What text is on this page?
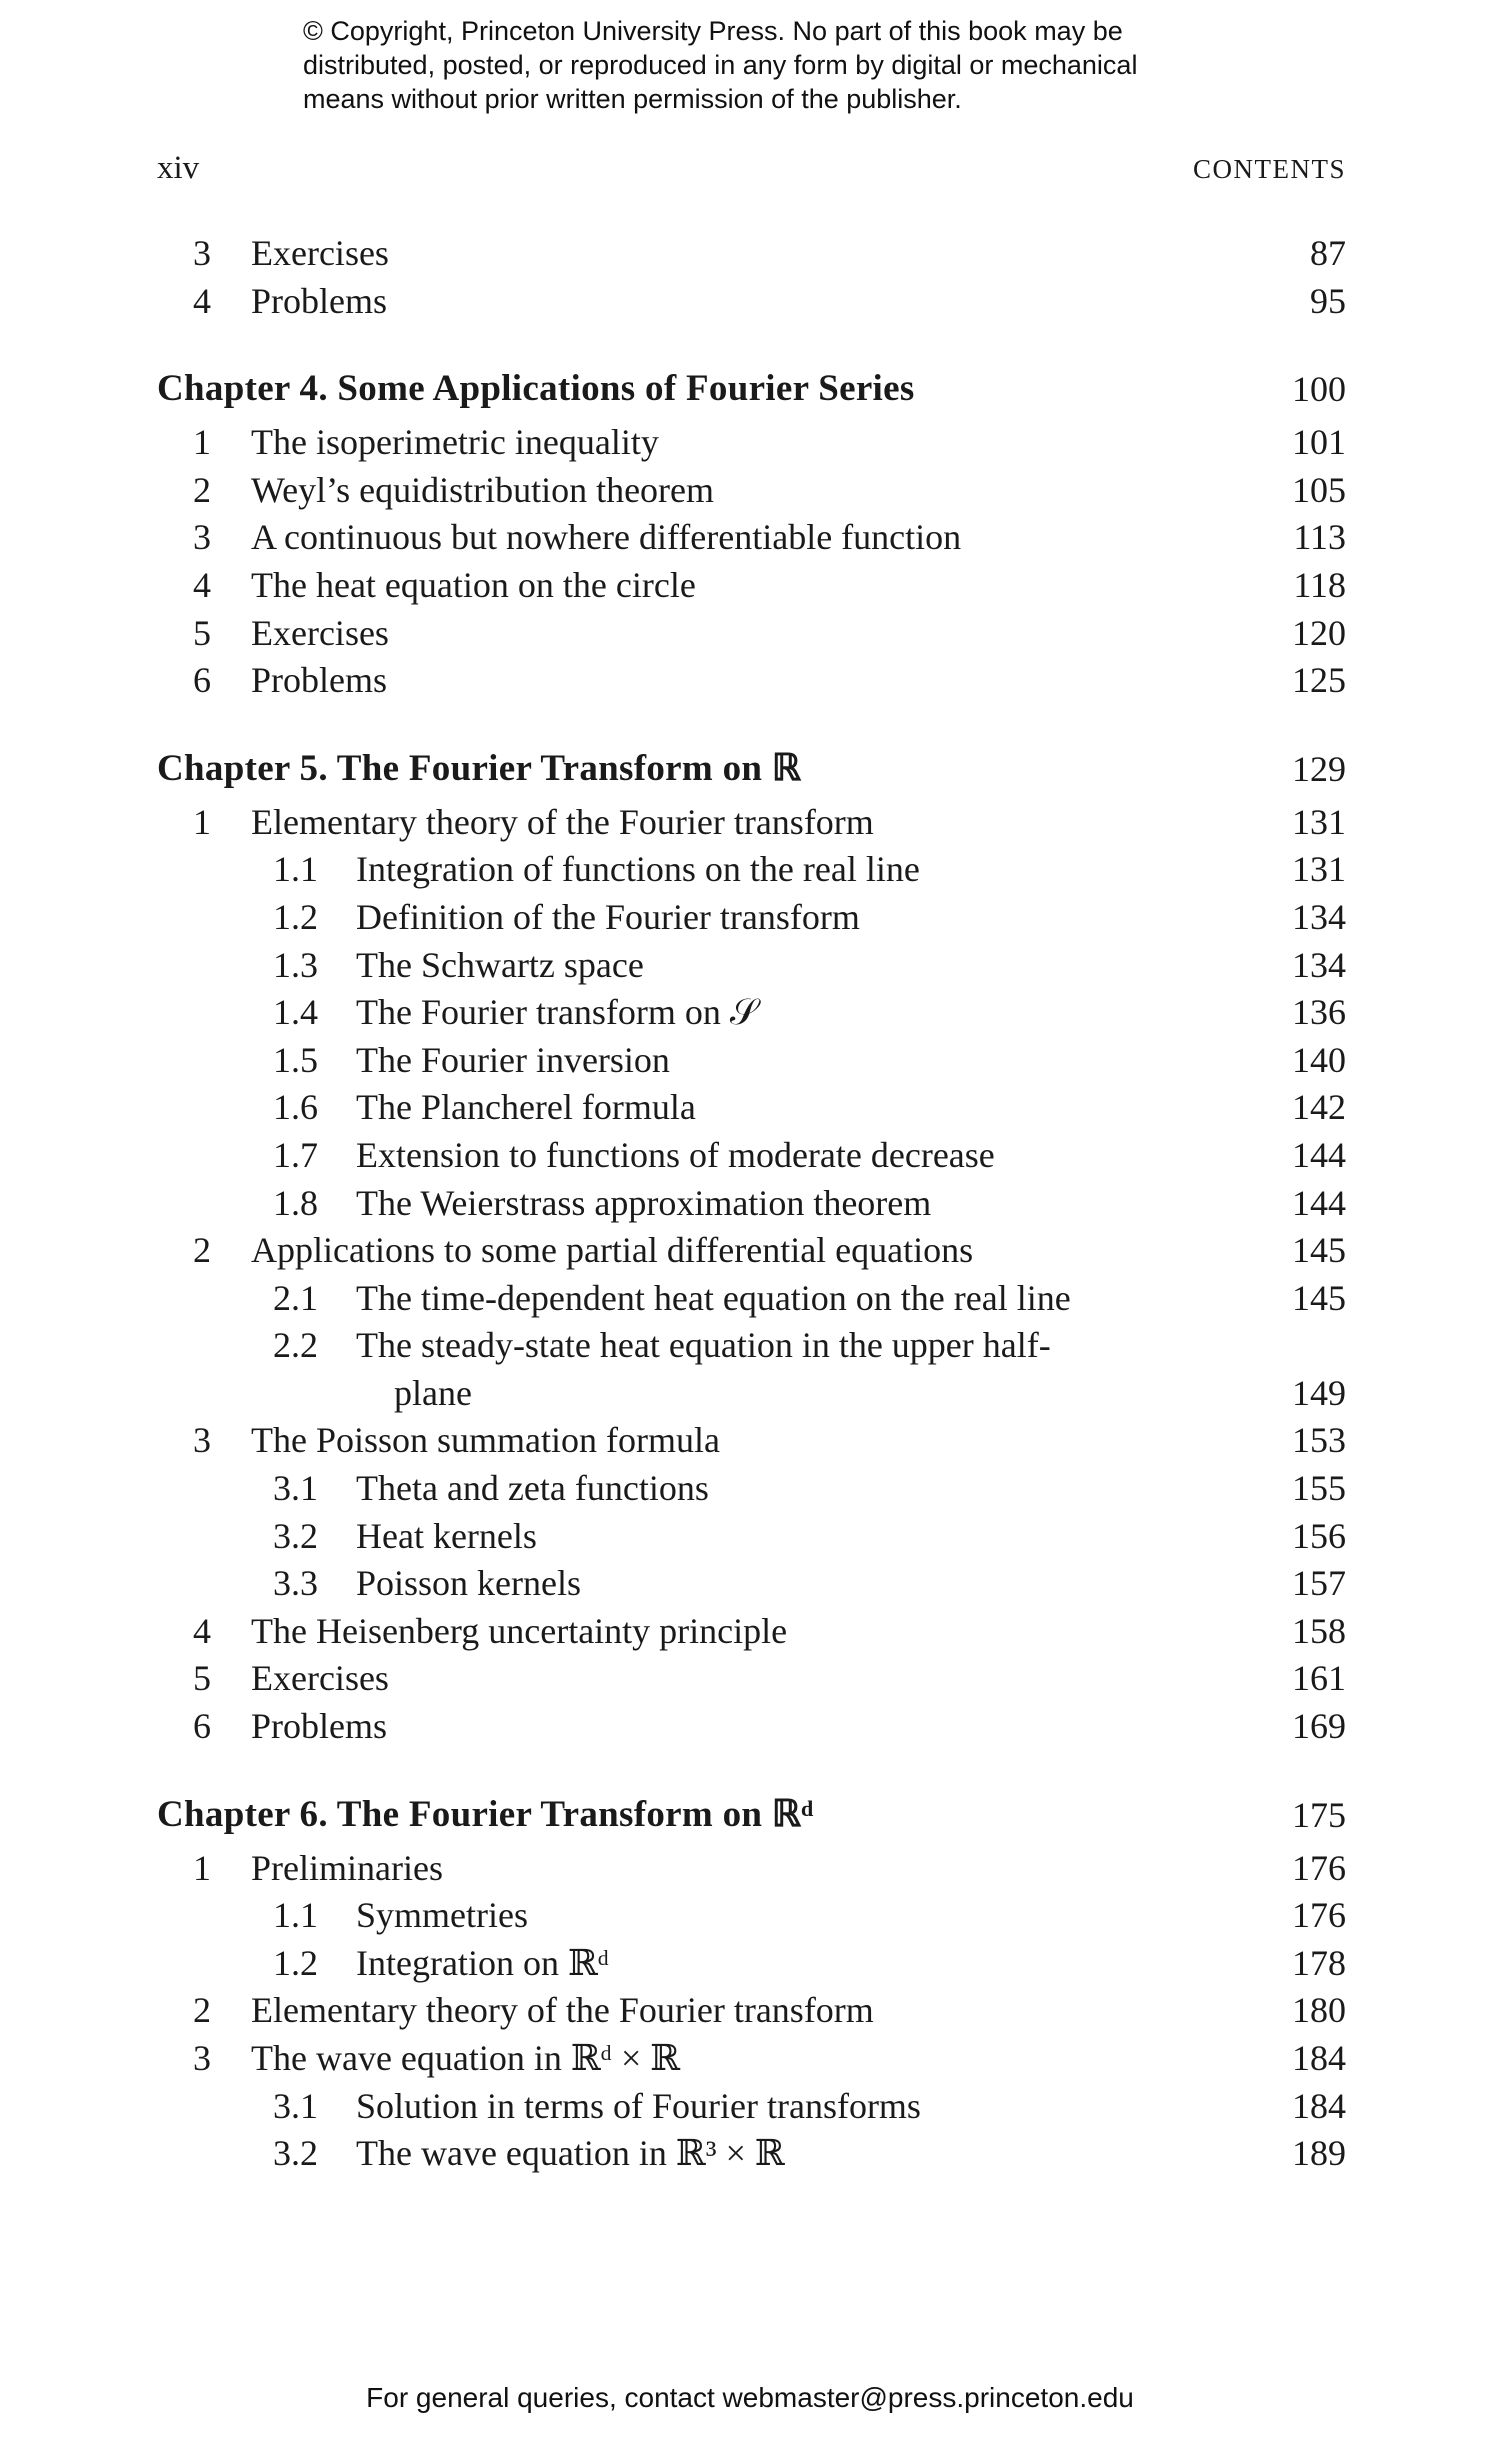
© Copyright, Princeton University Press. No part of this book may be
distributed, posted, or reproduced in any form by digital or mechanical
means without prior written permission of the publisher.
xiv	CONTENTS
3 Exercises	87
4 Problems	95
Chapter 4. Some Applications of Fourier Series	100
1 The isoperimetric inequality	101
2 Weyl’s equidistribution theorem	105
3 A continuous but nowhere differentiable function	113
4 The heat equation on the circle	118
5 Exercises	120
6 Problems	125
Chapter 5. The Fourier Transform on ℝ	129
1 Elementary theory of the Fourier transform	131
1.1 Integration of functions on the real line	131
1.2 Definition of the Fourier transform	134
1.3 The Schwartz space	134
1.4 The Fourier transform on 𝒮	136
1.5 The Fourier inversion	140
1.6 The Plancherel formula	142
1.7 Extension to functions of moderate decrease	144
1.8 The Weierstrass approximation theorem	144
2 Applications to some partial differential equations	145
2.1 The time-dependent heat equation on the real line	145
2.2 The steady-state heat equation in the upper half-
plane	149
3 The Poisson summation formula	153
3.1 Theta and zeta functions	155
3.2 Heat kernels	156
3.3 Poisson kernels	157
4 The Heisenberg uncertainty principle	158
5 Exercises	161
6 Problems	169
Chapter 6. The Fourier Transform on ℝᵈ	175
1 Preliminaries	176
1.1 Symmetries	176
1.2 Integration on ℝᵈ	178
2 Elementary theory of the Fourier transform	180
3 The wave equation in ℝᵈ × ℝ	184
3.1 Solution in terms of Fourier transforms	184
3.2 The wave equation in ℝ³ × ℝ	189
For general queries, contact webmaster@press.princeton.edu
